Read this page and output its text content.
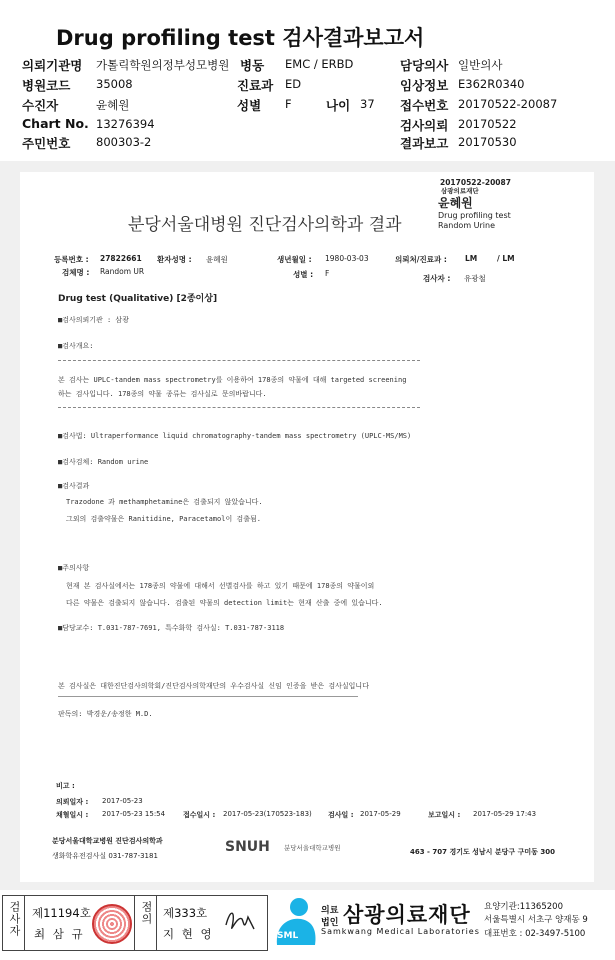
Drug profiling test 검사결과보고서
의뢰기관명 가톨릭학원의정부성모병원 병동 EMC / ERBD	담당의사 일반의사
병원코드 35008	진료과 ED	임상정보 E362R0340
수진자	윤혜원	성별 F	나이 37 접수번호 20170522-20087
Chart No. 13276394	검사의뢰 20170522
주민번호 800303-2	결과보고 20170530
20170522-20087
삼광의료재단
윤혜원
Drug profiling test
Random Urine
분당서울대병원 진단검사의학과 결과
등록번호 : 27822661 환자성명 : 윤혜원	생년월일 : 1980-03-03	의뢰처/진료과 : LM	/ LM
검체명 : Random UR	성별 : F
검사자 : 유광철
Drug test (Qualitative) [2종이상]
■검사의뢰기관 : 삼광
■검사개요:
본 검사는 UPLC-tandem mass spectrometry를 이용하여 178종의 약물에 대해 targeted screening
하는 검사입니다. 178종의 약물 종류는 검사실로 문의바랍니다.
■검사법: Ultraperformance liquid chromatography-tandem mass spectrometry (UPLC-MS/MS)
■검사검체: Random urine
■검사결과
Trazodone 과 methamphetamine은 검출되지 않았습니다.
그외의 검출약물은 Ranitidine, Paracetamol이 검출됨.
■주의사항
현재 본 검사실에서는 178종의 약물에 대해서 선별검사를 하고 있기 때문에 178종의 약물이외
다른 약물은 검출되지 않습니다. 검출된 약물의 detection limit는 현재 산출 중에 있습니다.
■담당교수: T.031-787-7691, 특수화학 검사실: T.031-787-3118
본 검사실은 대한진단검사의학회/진단검사의학재단의 우수검사실 신임 인증을 받은 검사실입니다
판독의: 박경운/송정한 M.D.
비고 :
의뢰일자 : 2017-05-23
채혈일시 : 2017-05-23 15:54	접수일시 : 2017-05-23(170523-183) 검사일 : 2017-05-29	보고일시 : 2017-05-29 17:43
분당서울대학교병원 진단검사의학과
생화학유전검사실 031-787-3181
SNUH 분당서울대학교병원	463 - 707 경기도 성남시 분당구 구미동 300
검사자 제11194호
최 삼 규
점의 제333호
지 현 영	SML
의료
법인 삼광의료재단
Samkwang Medical Laboratories
요양기관:11365200
서울특별시 서초구 양재동 9
대표번호 : 02-3497-5100
